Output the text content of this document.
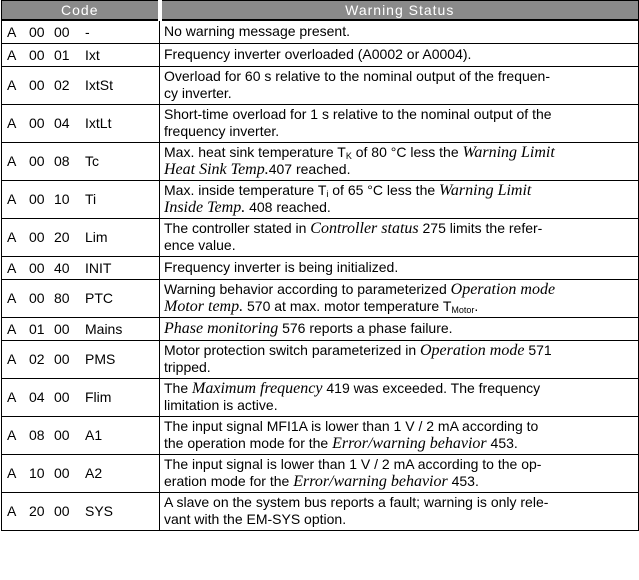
Code	Warning Status
A 00 00 -	No warning message present.
A 00 01 Ixt	Frequency inverter overloaded (A0002 or A0004).
A 00 02 IxtSt	Overload for 60 s relative to the nominal output of the frequen-
cy inverter.
A 00 04 IxtLt	Short-time overload for 1 s relative to the nominal output of the
frequency inverter.
A 00 08 Tc	Max. heat sink temperature $T_K$ of 80 °C less the Warning Limit
Heat Sink Temp.407 reached.
A 00 10 Ti	Max. inside temperature $T_i$ of 65 °C less the Warning Limit
Inside Temp. 408 reached.
A 00 20 Lim	The controller stated in Controller status 275 limits the refer-
ence value.
A 00 40 INIT	Frequency inverter is being initialized.
A 00 80 PTC	Warning behavior according to parameterized Operation mode
Motor temp. 570 at max. motor temperature $T_{Motor}$.
A 01 00 Mains	Phase monitoring 576 reports a phase failure.
A 02 00 PMS	Motor protection switch parameterized in Operation mode 571
tripped.
A 04 00 Flim	The Maximum frequency 419 was exceeded. The frequency
limitation is active.
A 08 00 A1	The input signal MFI1A is lower than 1 V / 2 mA according to
the operation mode for the Error/warning behavior 453.
A 10 00 A2	The input signal is lower than 1 V / 2 mA according to the op-
eration mode for the Error/warning behavior 453.
A 20 00 SYS	A slave on the system bus reports a fault; warning is only rele-
vant with the EM-SYS option.
